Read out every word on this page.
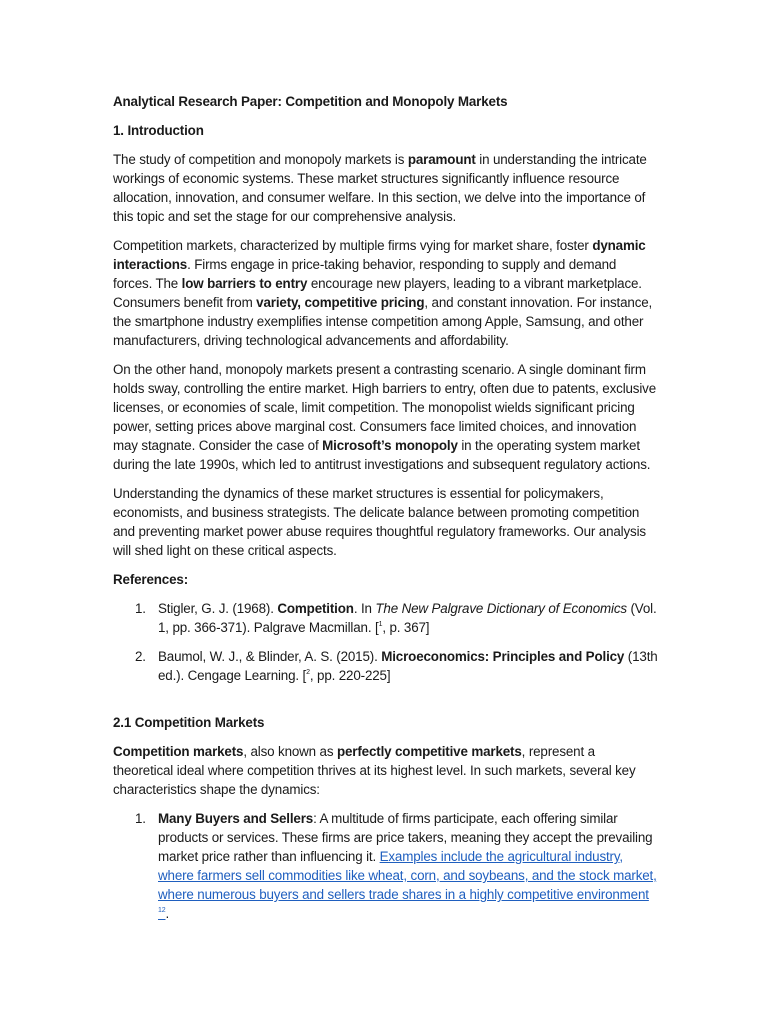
Analytical Research Paper: Competition and Monopoly Markets

1. Introduction

The study of competition and monopoly markets is paramount in understanding the intricate workings of economic systems. These market structures significantly influence resource allocation, innovation, and consumer welfare. In this section, we delve into the importance of this topic and set the stage for our comprehensive analysis.

Competition markets, characterized by multiple firms vying for market share, foster dynamic interactions. Firms engage in price-taking behavior, responding to supply and demand forces. The low barriers to entry encourage new players, leading to a vibrant marketplace. Consumers benefit from variety, competitive pricing, and constant innovation. For instance, the smartphone industry exemplifies intense competition among Apple, Samsung, and other manufacturers, driving technological advancements and affordability.

On the other hand, monopoly markets present a contrasting scenario. A single dominant firm holds sway, controlling the entire market. High barriers to entry, often due to patents, exclusive licenses, or economies of scale, limit competition. The monopolist wields significant pricing power, setting prices above marginal cost. Consumers face limited choices, and innovation may stagnate. Consider the case of Microsoft’s monopoly in the operating system market during the late 1990s, which led to antitrust investigations and subsequent regulatory actions.

Understanding the dynamics of these market structures is essential for policymakers, economists, and business strategists. The delicate balance between promoting competition and preventing market power abuse requires thoughtful regulatory frameworks. Our analysis will shed light on these critical aspects.

References:

1. Stigler, G. J. (1968). Competition. In The New Palgrave Dictionary of Economics (Vol. 1, pp. 366-371). Palgrave Macmillan. [$^1$, p. 367]
2. Baumol, W. J., & Blinder, A. S. (2015). Microeconomics: Principles and Policy (13th ed.). Cengage Learning. [$^2$, pp. 220-225]

2.1 Competition Markets

Competition markets, also known as perfectly competitive markets, represent a theoretical ideal where competition thrives at its highest level. In such markets, several key characteristics shape the dynamics:

1. Many Buyers and Sellers: A multitude of firms participate, each offering similar products or services. These firms are price takers, meaning they accept the prevailing market price rather than influencing it. Examples include the agricultural industry, where farmers sell commodities like wheat, corn, and soybeans, and the stock market, where numerous buyers and sellers trade shares in a highly competitive environment $^{12}$.
